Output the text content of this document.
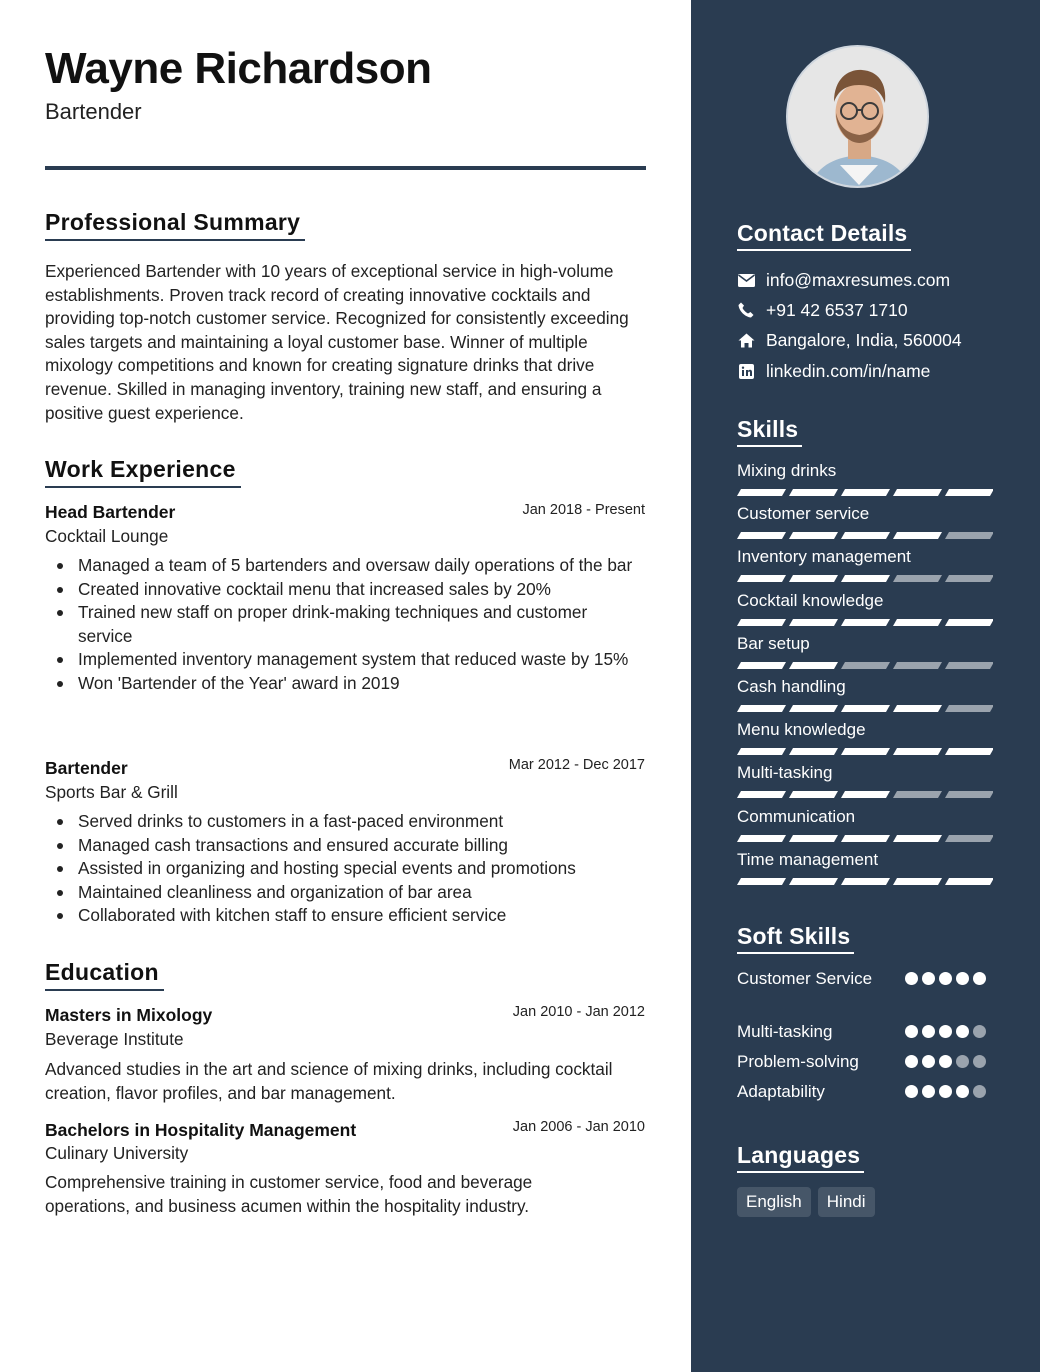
Wayne Richardson
Bartender
Professional Summary
Experienced Bartender with 10 years of exceptional service in high-volume establishments. Proven track record of creating innovative cocktails and providing top-notch customer service. Recognized for consistently exceeding sales targets and maintaining a loyal customer base. Winner of multiple mixology competitions and known for creating signature drinks that drive revenue. Skilled in managing inventory, training new staff, and ensuring a positive guest experience.
Work Experience
Head Bartender	Jan 2018 - Present
Cocktail Lounge
Managed a team of 5 bartenders and oversaw daily operations of the bar
Created innovative cocktail menu that increased sales by 20%
Trained new staff on proper drink-making techniques and customer service
Implemented inventory management system that reduced waste by 15%
Won 'Bartender of the Year' award in 2019
Bartender	Mar 2012 - Dec 2017
Sports Bar & Grill
Served drinks to customers in a fast-paced environment
Managed cash transactions and ensured accurate billing
Assisted in organizing and hosting special events and promotions
Maintained cleanliness and organization of bar area
Collaborated with kitchen staff to ensure efficient service
Education
Masters in Mixology	Jan 2010 - Jan 2012
Beverage Institute
Advanced studies in the art and science of mixing drinks, including cocktail creation, flavor profiles, and bar management.
Bachelors in Hospitality Management	Jan 2006 - Jan 2010
Culinary University
Comprehensive training in customer service, food and beverage operations, and business acumen within the hospitality industry.
Contact Details
info@maxresumes.com
+91 42 6537 1710
Bangalore, India, 560004
linkedin.com/in/name
Skills
Mixing drinks
Customer service
Inventory management
Cocktail knowledge
Bar setup
Cash handling
Menu knowledge
Multi-tasking
Communication
Time management
Soft Skills
Customer Service
Multi-tasking
Problem-solving
Adaptability
Languages
English	Hindi
